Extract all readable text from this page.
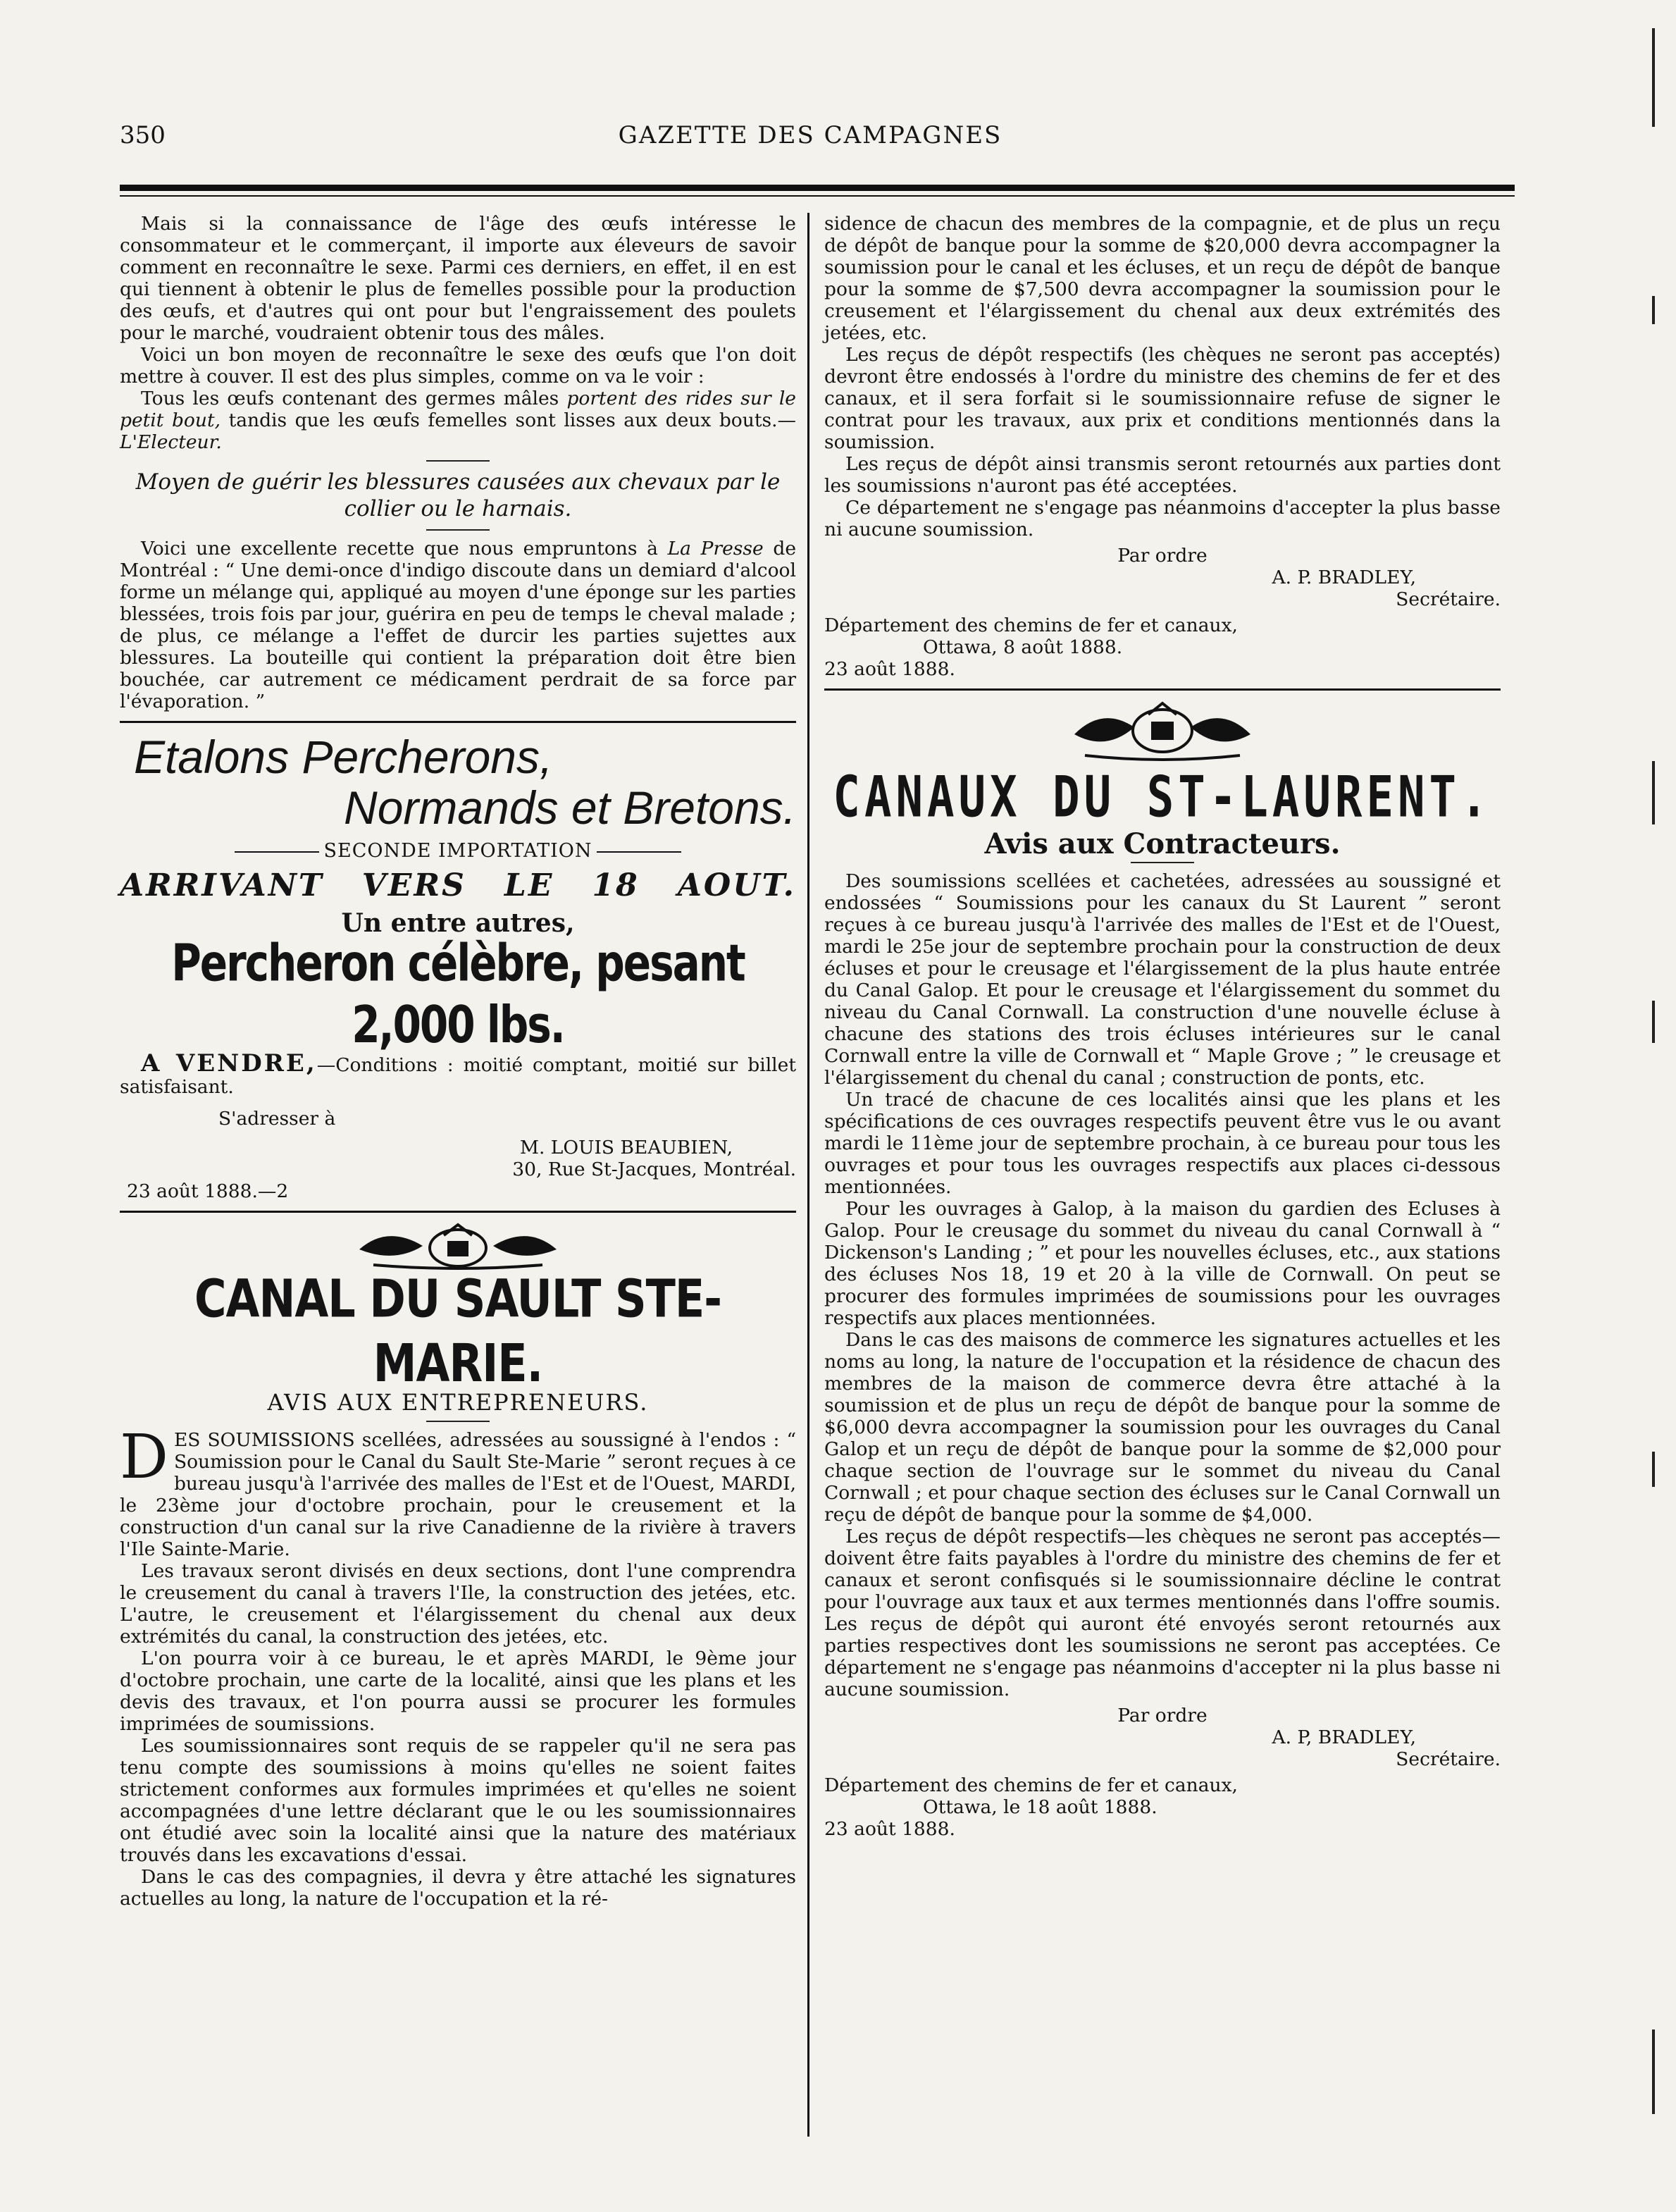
350	GAZETTE DES CAMPAGNES

Mais si la connaissance de l'âge des œufs intéresse le consommateur et le commerçant, il importe aux éleveurs de savoir comment en reconnaître le sexe. Parmi ces derniers, en effet, il en est qui tiennent à obtenir le plus de femelles possible pour la production des œufs, et d'autres qui ont pour but l'engraissement des poulets pour le marché, voudraient obtenir tous des mâles.

Voici un bon moyen de reconnaître le sexe des œufs que l'on doit mettre à couver. Il est des plus simples, comme on va le voir :

Tous les œufs contenant des germes mâles portent des rides sur le petit bout, tandis que les œufs femelles sont lisses aux deux bouts.—L'Electeur.

Moyen de guérir les blessures causées aux chevaux par le collier ou le harnais.

Voici une excellente recette que nous empruntons à La Presse de Montréal : “ Une demi-once d'indigo discoute dans un demiard d'alcool forme un mélange qui, appliqué au moyen d'une éponge sur les parties blessées, trois fois par jour, guérira en peu de temps le cheval malade ; de plus, ce mélange a l'effet de durcir les parties sujettes aux blessures. La bouteille qui contient la préparation doit être bien bouchée, car autrement ce médicament perdrait de sa force par l'évaporation. ”

Etalons Percherons,
Normands et Bretons.
SECONDE IMPORTATION
ARRIVANT VERS LE 18 AOUT.
Un entre autres,
Percheron célèbre, pesant 2,000 lbs.

A VENDRE,—Conditions : moitié comptant, moitié sur billet satisfaisant.

S'adresser à

M. LOUIS BEAUBIEN,

30, Rue St-Jacques, Montréal.

23 août 1888.—2

CANAL DU SAULT STE-MARIE.
AVIS AUX ENTREPRENEURS.

DES SOUMISSIONS scellées, adressées au soussigné à l'endos : “ Soumission pour le Canal du Sault Ste-Marie ” seront reçues à ce bureau jusqu'à l'arrivée des malles de l'Est et de l'Ouest, MARDI, le 23ème jour d'octobre prochain, pour le creusement et la construction d'un canal sur la rive Canadienne de la rivière à travers l'Ile Sainte-Marie.

Les travaux seront divisés en deux sections, dont l'une comprendra le creusement du canal à travers l'Ile, la construction des jetées, etc. L'autre, le creusement et l'élargissement du chenal aux deux extrémités du canal, la construction des jetées, etc.

L'on pourra voir à ce bureau, le et après MARDI, le 9ème jour d'octobre prochain, une carte de la localité, ainsi que les plans et les devis des travaux, et l'on pourra aussi se procurer les formules imprimées de soumissions.

Les soumissionnaires sont requis de se rappeler qu'il ne sera pas tenu compte des soumissions à moins qu'elles ne soient faites strictement conformes aux formules imprimées et qu'elles ne soient accompagnées d'une lettre déclarant que le ou les soumissionnaires ont étudié avec soin la localité ainsi que la nature des matériaux trouvés dans les excavations d'essai.

Dans le cas des compagnies, il devra y être attaché les signatures actuelles au long, la nature de l'occupation et la ré-

sidence de chacun des membres de la compagnie, et de plus un reçu de dépôt de banque pour la somme de $20,000 devra accompagner la soumission pour le canal et les écluses, et un reçu de dépôt de banque pour la somme de $7,500 devra accompagner la soumission pour le creusement et l'élargissement du chenal aux deux extrémités des jetées, etc.

Les reçus de dépôt respectifs (les chèques ne seront pas acceptés) devront être endossés à l'ordre du ministre des chemins de fer et des canaux, et il sera forfait si le soumissionnaire refuse de signer le contrat pour les travaux, aux prix et conditions mentionnés dans la soumission.

Les reçus de dépôt ainsi transmis seront retournés aux parties dont les soumissions n'auront pas été acceptées.

Ce département ne s'engage pas néanmoins d'accepter la plus basse ni aucune soumission.

Par ordre

A. P. BRADLEY,

Secrétaire.

Département des chemins de fer et canaux,

Ottawa, 8 août 1888.

23 août 1888.

CANAUX DU ST-LAURENT.
Avis aux Contracteurs.

Des soumissions scellées et cachetées, adressées au soussigné et endossées “ Soumissions pour les canaux du St Laurent ” seront reçues à ce bureau jusqu'à l'arrivée des malles de l'Est et de l'Ouest, mardi le 25e jour de septembre prochain pour la construction de deux écluses et pour le creusage et l'élargissement de la plus haute entrée du Canal Galop. Et pour le creusage et l'élargissement du sommet du niveau du Canal Cornwall. La construction d'une nouvelle écluse à chacune des stations des trois écluses intérieures sur le canal Cornwall entre la ville de Cornwall et “ Maple Grove ; ” le creusage et l'élargissement du chenal du canal ; construction de ponts, etc.

Un tracé de chacune de ces localités ainsi que les plans et les spécifications de ces ouvrages respectifs peuvent être vus le ou avant mardi le 11ème jour de septembre prochain, à ce bureau pour tous les ouvrages et pour tous les ouvrages respectifs aux places ci-dessous mentionnées.

Pour les ouvrages à Galop, à la maison du gardien des Ecluses à Galop. Pour le creusage du sommet du niveau du canal Cornwall à “ Dickenson's Landing ; ” et pour les nouvelles écluses, etc., aux stations des écluses Nos 18, 19 et 20 à la ville de Cornwall. On peut se procurer des formules imprimées de soumissions pour les ouvrages respectifs aux places mentionnées.

Dans le cas des maisons de commerce les signatures actuelles et les noms au long, la nature de l'occupation et la résidence de chacun des membres de la maison de commerce devra être attaché à la soumission et de plus un reçu de dépôt de banque pour la somme de $6,000 devra accompagner la soumission pour les ouvrages du Canal Galop et un reçu de dépôt de banque pour la somme de $2,000 pour chaque section de l'ouvrage sur le sommet du niveau du Canal Cornwall ; et pour chaque section des écluses sur le Canal Cornwall un reçu de dépôt de banque pour la somme de $4,000.

Les reçus de dépôt respectifs—les chèques ne seront pas acceptés—doivent être faits payables à l'ordre du ministre des chemins de fer et canaux et seront confisqués si le soumissionnaire décline le contrat pour l'ouvrage aux taux et aux termes mentionnés dans l'offre soumis. Les reçus de dépôt qui auront été envoyés seront retournés aux parties respectives dont les soumissions ne seront pas acceptées. Ce département ne s'engage pas néanmoins d'accepter ni la plus basse ni aucune soumission.

Par ordre

A. P, BRADLEY,

Secrétaire.

Département des chemins de fer et canaux,

Ottawa, le 18 août 1888.

23 août 1888.
